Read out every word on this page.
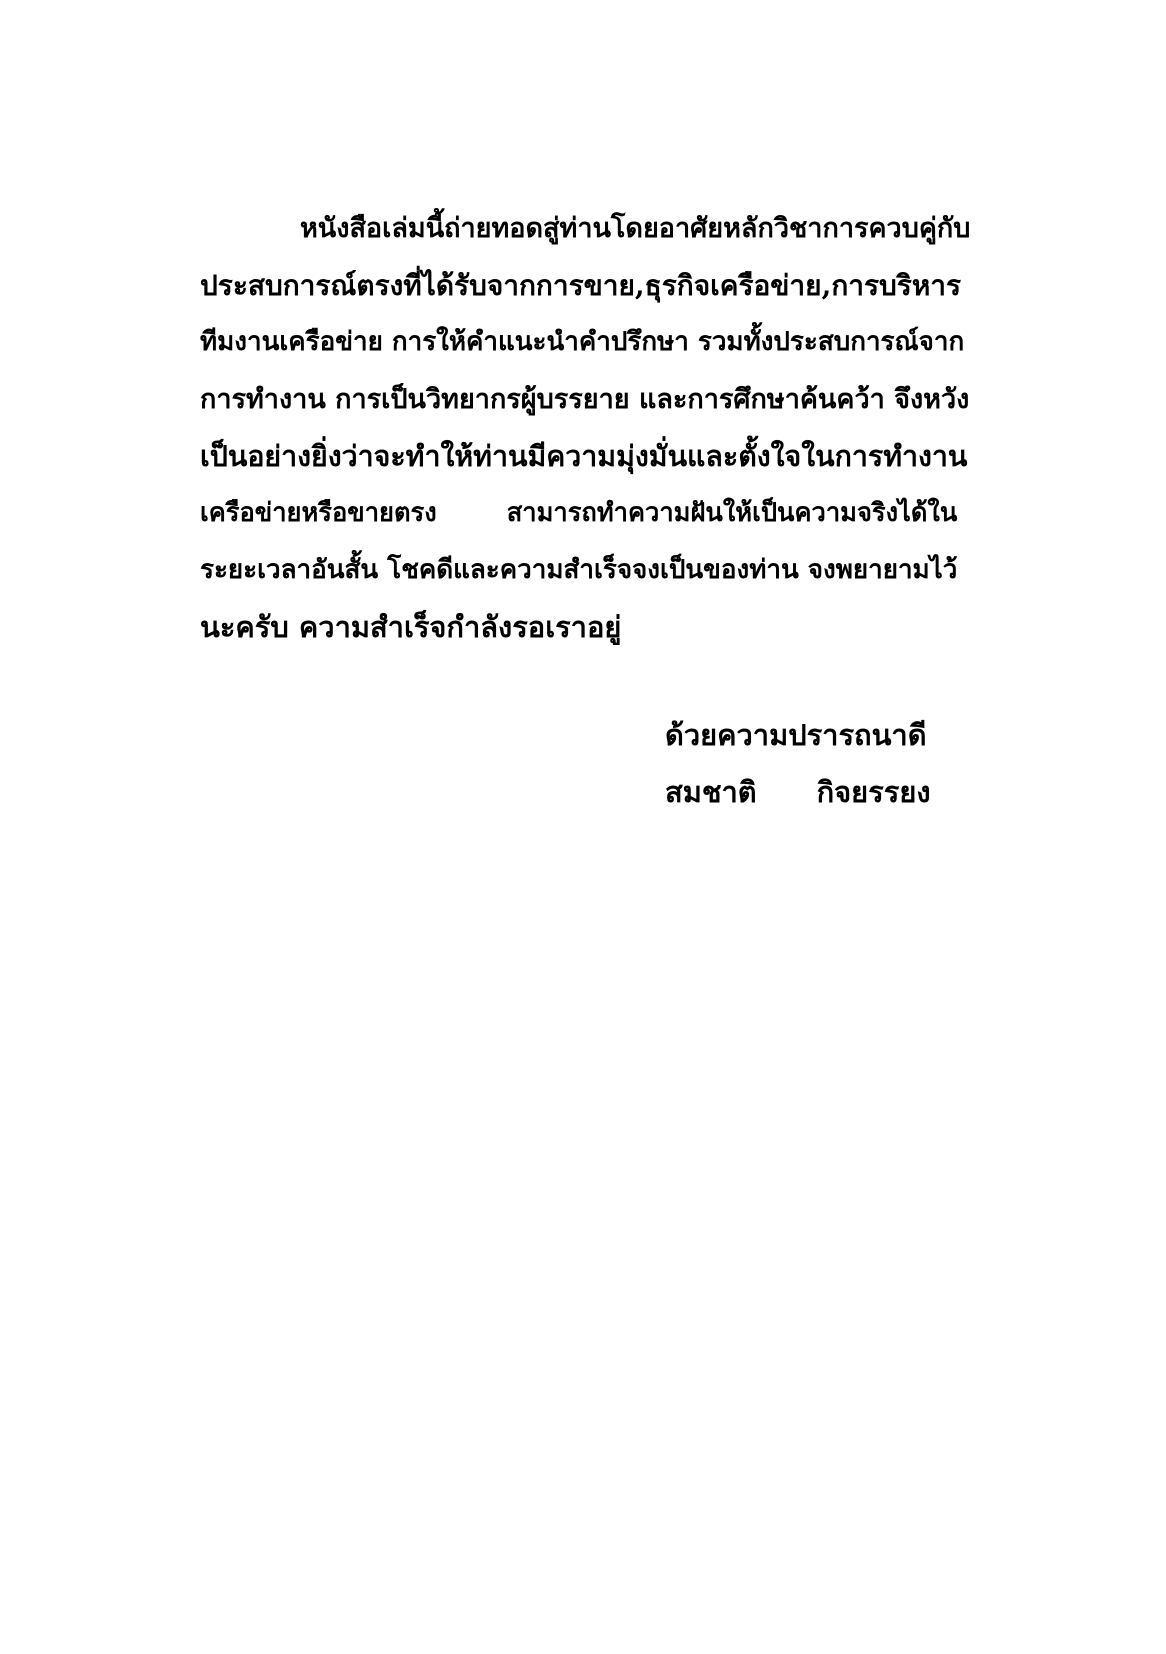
หนังสือเล่มนี้ถ่ายทอดสู่ท่านโดยอาศัยหลักวิชาการควบคู่กับ
ประสบการณ์ตรงที่ได้รับจากการขาย,ธุรกิจเครือข่าย,การบริหาร
ทีมงานเครือข่าย การให้คำแนะนำคำปรึกษา รวมทั้งประสบการณ์จาก
การทำงาน การเป็นวิทยากรผู้บรรยาย และการศึกษาค้นคว้า จึงหวัง
เป็นอย่างยิ่งว่าจะทำให้ท่านมีความมุ่งมั่นและตั้งใจในการทำงาน
เครือข่ายหรือขายตรง	สามารถทำความฝันให้เป็นความจริงได้ใน
ระยะเวลาอันสั้น โชคดีและความสำเร็จจงเป็นของท่าน จงพยายามไว้
นะครับ ความสำเร็จกำลังรอเราอยู่
ด้วยความปรารถนาดี
สมชาติ กิจยรรยง
